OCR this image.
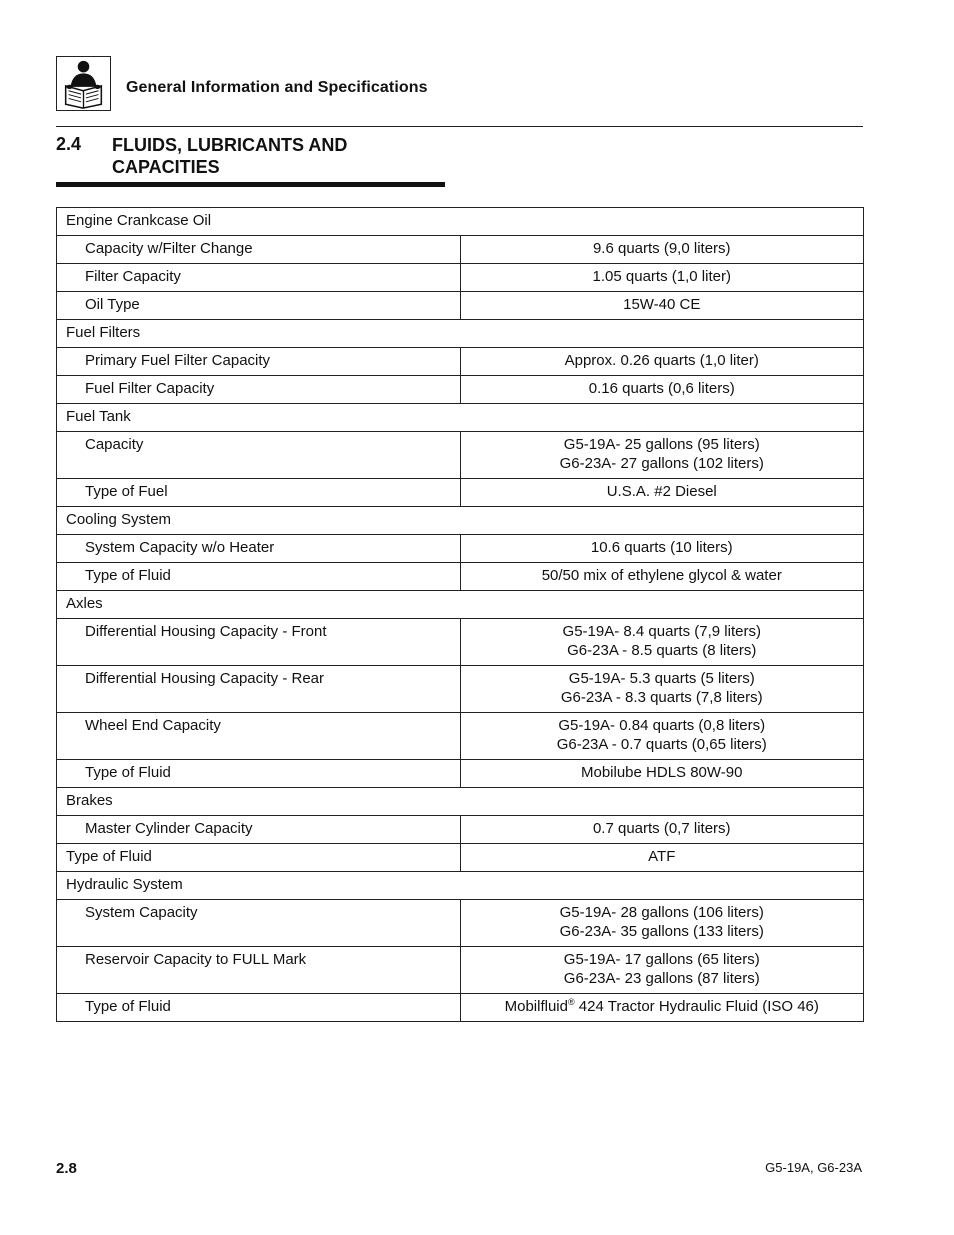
General Information and Specifications
2.4 FLUIDS, LUBRICANTS AND CAPACITIES
Engine Crankcase Oil	
Capacity w/Filter Change	9.6 quarts (9,0 liters)

Filter Capacity	1.05 quarts (1,0 liter)

Oil Type	15W-40 CE

Fuel Filters	
Primary Fuel Filter Capacity	Approx. 0.26 quarts (1,0 liter)

Fuel Filter Capacity	0.16 quarts (0,6 liters)

Fuel Tank	
Capacity	G5-19A- 25 gallons (95 liters)
G6-23A- 27 gallons (102 liters)

Type of Fuel	U.S.A. #2 Diesel

Cooling System	
System Capacity w/o Heater	10.6 quarts (10 liters)

Type of Fluid	50/50 mix of ethylene glycol & water

Axles	
Differential Housing Capacity - Front	G5-19A- 8.4 quarts (7,9 liters)
G6-23A - 8.5 quarts (8 liters)

Differential Housing Capacity - Rear	G5-19A- 5.3 quarts (5 liters)
G6-23A - 8.3 quarts (7,8 liters)

Wheel End Capacity	G5-19A- 0.84 quarts (0,8 liters)
G6-23A - 0.7 quarts (0,65 liters)

Type of Fluid	Mobilube HDLS 80W-90

Brakes	
Master Cylinder Capacity	0.7 quarts (0,7 liters)

Type of Fluid	ATF

Hydraulic System	
System Capacity	G5-19A- 28 gallons (106 liters)
G6-23A- 35 gallons (133 liters)

Reservoir Capacity to FULL Mark	G5-19A- 17 gallons (65 liters)
G6-23A- 23 gallons (87 liters)

Type of Fluid	Mobilfluid® 424 Tractor Hydraulic Fluid (ISO 46)
2.8	G5-19A, G6-23A
